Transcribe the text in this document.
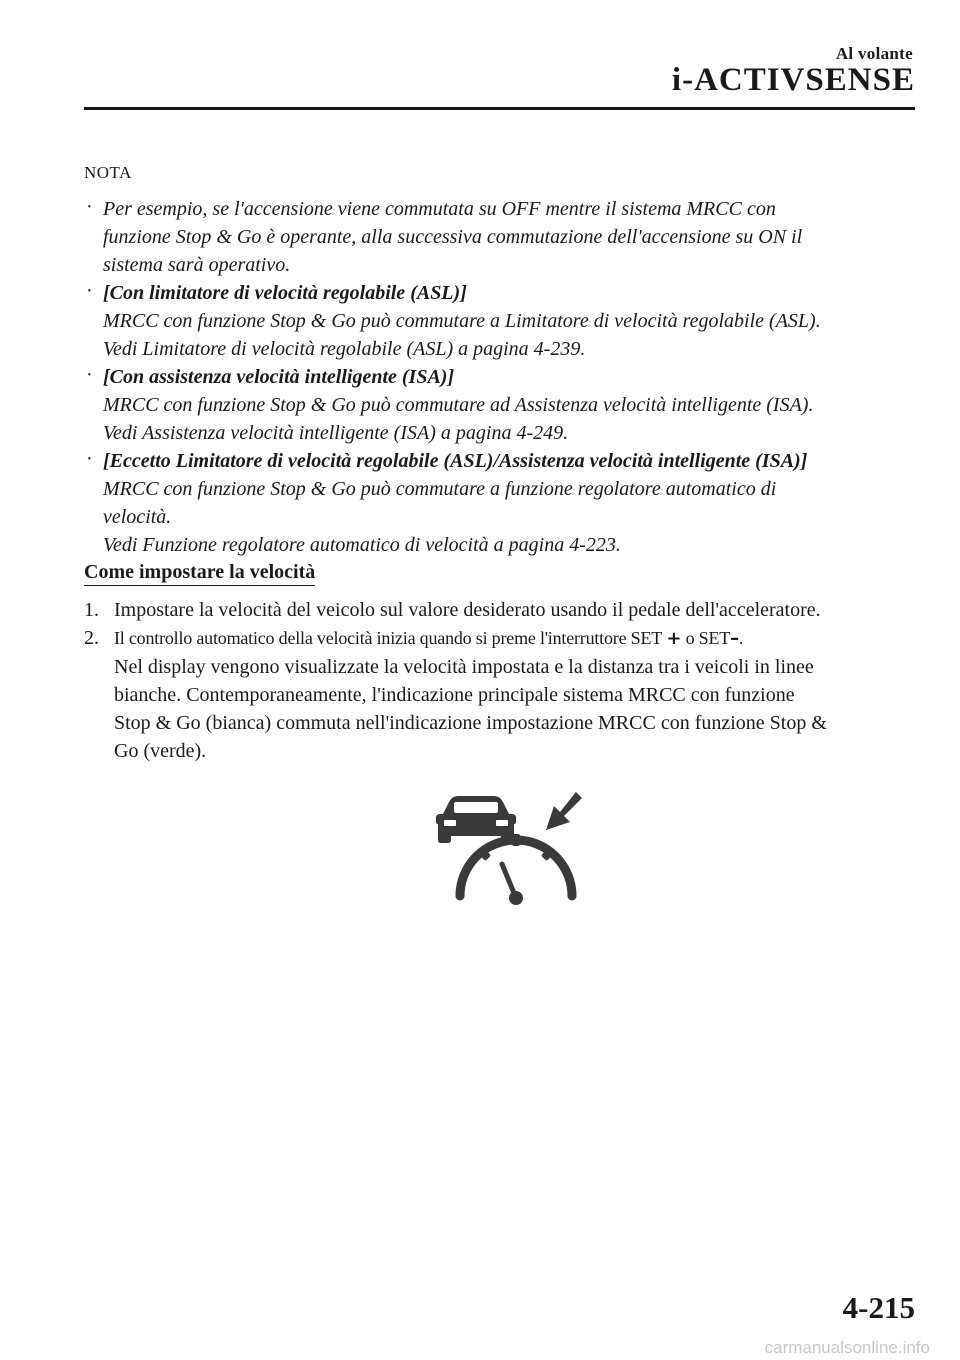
Al volante
i-ACTIVSENSE
NOTA
· Per esempio, se l'accensione viene commutata su OFF mentre il sistema MRCC con
funzione Stop & Go è operante, alla successiva commutazione dell'accensione su ON il
sistema sarà operativo.
· [Con limitatore di velocità regolabile (ASL)]
MRCC con funzione Stop & Go può commutare a Limitatore di velocità regolabile (ASL).
Vedi Limitatore di velocità regolabile (ASL) a pagina 4-239.
· [Con assistenza velocità intelligente (ISA)]
MRCC con funzione Stop & Go può commutare ad Assistenza velocità intelligente (ISA).
Vedi Assistenza velocità intelligente (ISA) a pagina 4-249.
· [Eccetto Limitatore di velocità regolabile (ASL)/Assistenza velocità intelligente (ISA)]
MRCC con funzione Stop & Go può commutare a funzione regolatore automatico di
velocità.
Vedi Funzione regolatore automatico di velocità a pagina 4-223.
Come impostare la velocità
1. Impostare la velocità del veicolo sul valore desiderato usando il pedale dell'acceleratore.
2. Il controllo automatico della velocità inizia quando si preme l'interruttore SET + o SET–.
Nel display vengono visualizzate la velocità impostata e la distanza tra i veicoli in linee
bianche. Contemporaneamente, l'indicazione principale sistema MRCC con funzione
Stop & Go (bianca) commuta nell'indicazione impostazione MRCC con funzione Stop &
Go (verde).
4-215
carmanualsonline.info
